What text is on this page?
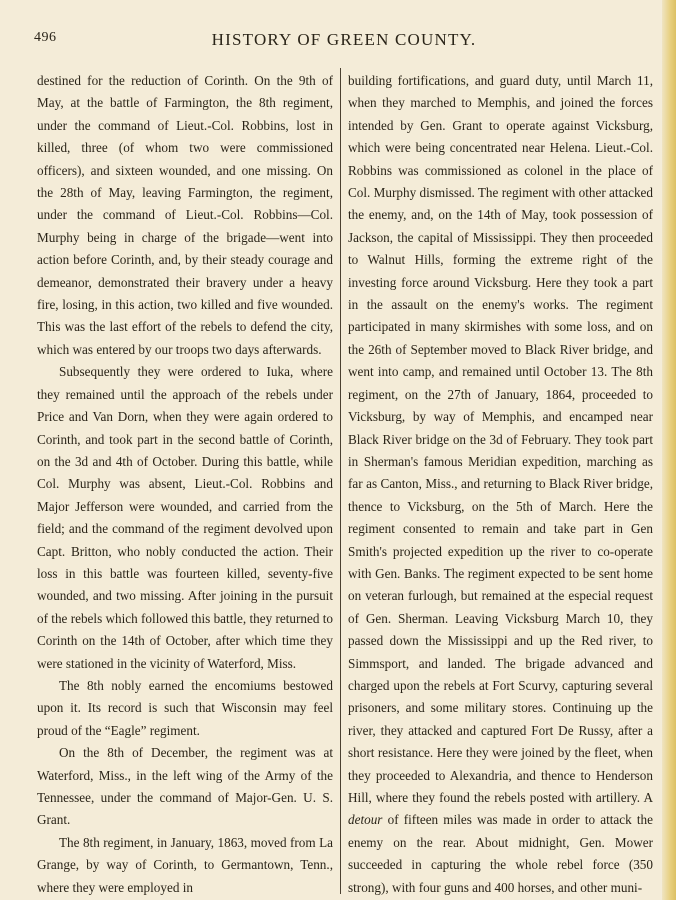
496	HISTORY OF GREEN COUNTY.

destined for the reduction of Corinth. On the 9th of May, at the battle of Farmington, the 8th regiment, under the command of Lieut.-Col. Robbins, lost in killed, three (of whom two were commissioned officers), and sixteen wounded, and one missing. On the 28th of May, leaving Farmington, the regiment, under the command of Lieut.-Col. Robbins—Col. Murphy being in charge of the brigade—went into action before Corinth, and, by their steady courage and demeanor, demonstrated their bravery under a heavy fire, losing, in this action, two killed and five wounded. This was the last effort of the rebels to defend the city, which was entered by our troops two days afterwards.

Subsequently they were ordered to Iuka, where they remained until the approach of the rebels under Price and Van Dorn, when they were again ordered to Corinth, and took part in the second battle of Corinth, on the 3d and 4th of October. During this battle, while Col. Murphy was absent, Lieut.-Col. Robbins and Major Jefferson were wounded, and carried from the field; and the command of the regiment devolved upon Capt. Britton, who nobly conducted the action. Their loss in this battle was fourteen killed, seventy-five wounded, and two missing. After joining in the pursuit of the rebels which followed this battle, they returned to Corinth on the 14th of October, after which time they were stationed in the vicinity of Waterford, Miss.

The 8th nobly earned the encomiums bestowed upon it. Its record is such that Wisconsin may feel proud of the “Eagle” regiment.

On the 8th of December, the regiment was at Waterford, Miss., in the left wing of the Army of the Tennessee, under the command of Major-Gen. U. S. Grant.

The 8th regiment, in January, 1863, moved from La Grange, by way of Corinth, to Germantown, Tenn., where they were employed in

building fortifications, and guard duty, until March 11, when they marched to Memphis, and joined the forces intended by Gen. Grant to operate against Vicksburg, which were being concentrated near Helena. Lieut.-Col. Robbins was commissioned as colonel in the place of Col. Murphy dismissed. The regiment with other attacked the enemy, and, on the 14th of May, took possession of Jackson, the capital of Mississippi. They then proceeded to Walnut Hills, forming the extreme right of the investing force around Vicksburg. Here they took a part in the assault on the enemy's works. The regiment participated in many skirmishes with some loss, and on the 26th of September moved to Black River bridge, and went into camp, and remained until October 13. The 8th regiment, on the 27th of January, 1864, proceeded to Vicksburg, by way of Memphis, and encamped near Black River bridge on the 3d of February. They took part in Sherman's famous Meridian expedition, marching as far as Canton, Miss., and returning to Black River bridge, thence to Vicksburg, on the 5th of March. Here the regiment consented to remain and take part in Gen Smith's projected expedition up the river to co-operate with Gen. Banks. The regiment expected to be sent home on veteran furlough, but remained at the especial request of Gen. Sherman. Leaving Vicksburg March 10, they passed down the Mississippi and up the Red river, to Simmsport, and landed. The brigade advanced and charged upon the rebels at Fort Scurvy, capturing several prisoners, and some military stores. Continuing up the river, they attacked and captured Fort De Russy, after a short resistance. Here they were joined by the fleet, when they proceeded to Alexandria, and thence to Henderson Hill, where they found the rebels posted with artillery. A detour of fifteen miles was made in order to attack the enemy on the rear. About midnight, Gen. Mower succeeded in capturing the whole rebel force (350 strong), with four guns and 400 horses, and other muni-
